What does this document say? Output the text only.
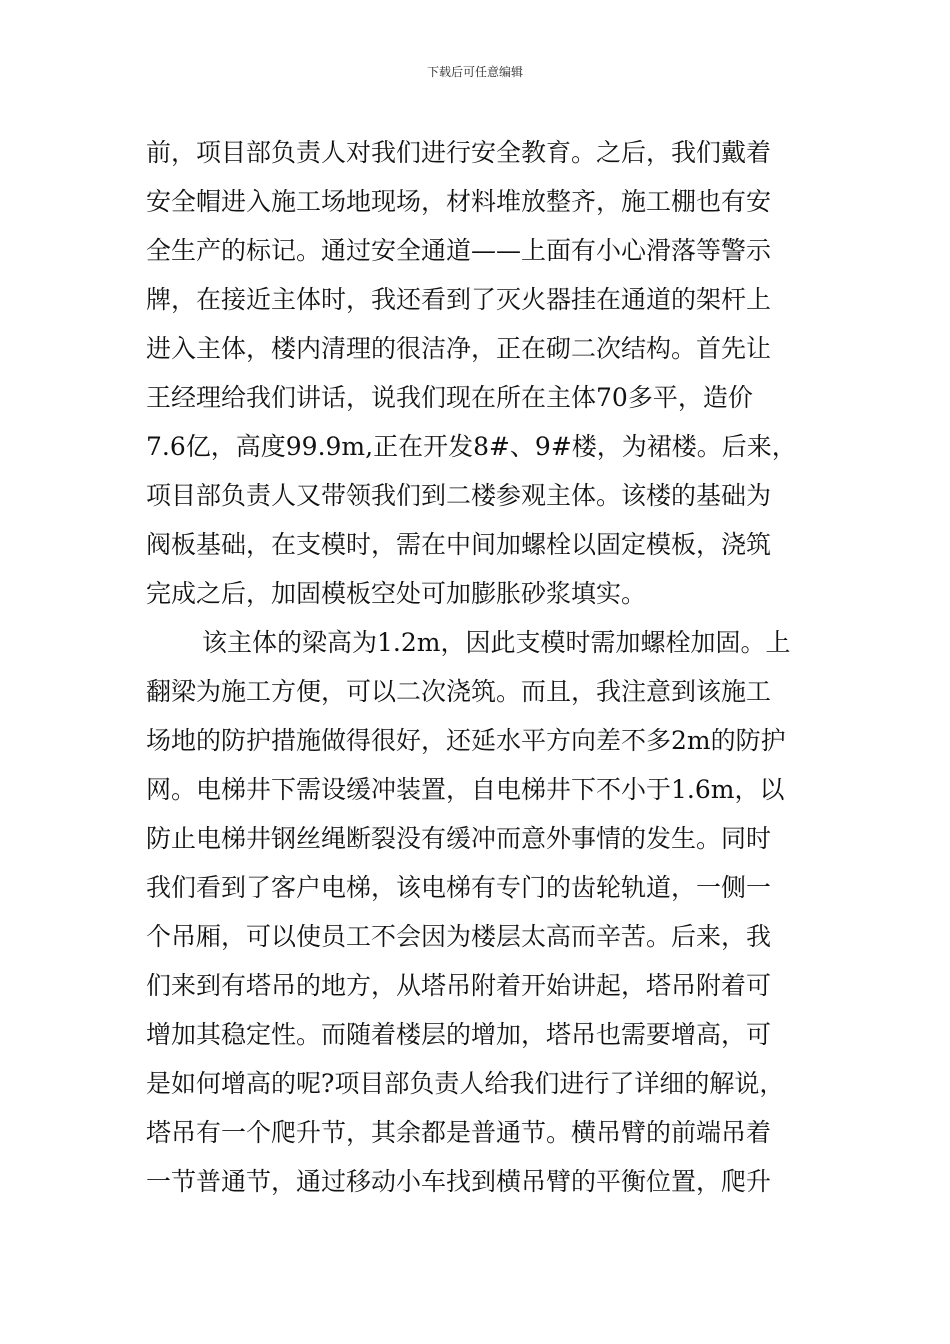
下载后可任意编辑
前，项目部负责人对我们进行安全教育。之后，我们戴着
安全帽进入施工场地现场，材料堆放整齐，施工棚也有安
全生产的标记。通过安全通道——上面有小心滑落等警示
牌，在接近主体时，我还看到了灭火器挂在通道的架杆上
进入主体，楼内清理的很洁净，正在砌二次结构。首先让
王经理给我们讲话，说我们现在所在主体70多平，造价
7.6亿，高度99.9m,正在开发8#、9#楼，为裙楼。后来，
项目部负责人又带领我们到二楼参观主体。该楼的基础为
阀板基础，在支模时，需在中间加螺栓以固定模板，浇筑
完成之后，加固模板空处可加膨胀砂浆填实。
该主体的梁高为1.2m，因此支模时需加螺栓加固。上
翻梁为施工方便，可以二次浇筑。而且，我注意到该施工
场地的防护措施做得很好，还延水平方向差不多2m的防护
网。电梯井下需设缓冲装置，自电梯井下不小于1.6m，以
防止电梯井钢丝绳断裂没有缓冲而意外事情的发生。同时
我们看到了客户电梯，该电梯有专门的齿轮轨道，一侧一
个吊厢，可以使员工不会因为楼层太高而辛苦。后来，我
们来到有塔吊的地方，从塔吊附着开始讲起，塔吊附着可
增加其稳定性。而随着楼层的增加，塔吊也需要增高，可
是如何增高的呢?项目部负责人给我们进行了详细的解说，
塔吊有一个爬升节，其余都是普通节。横吊臂的前端吊着
一节普通节，通过移动小车找到横吊臂的平衡位置，爬升
